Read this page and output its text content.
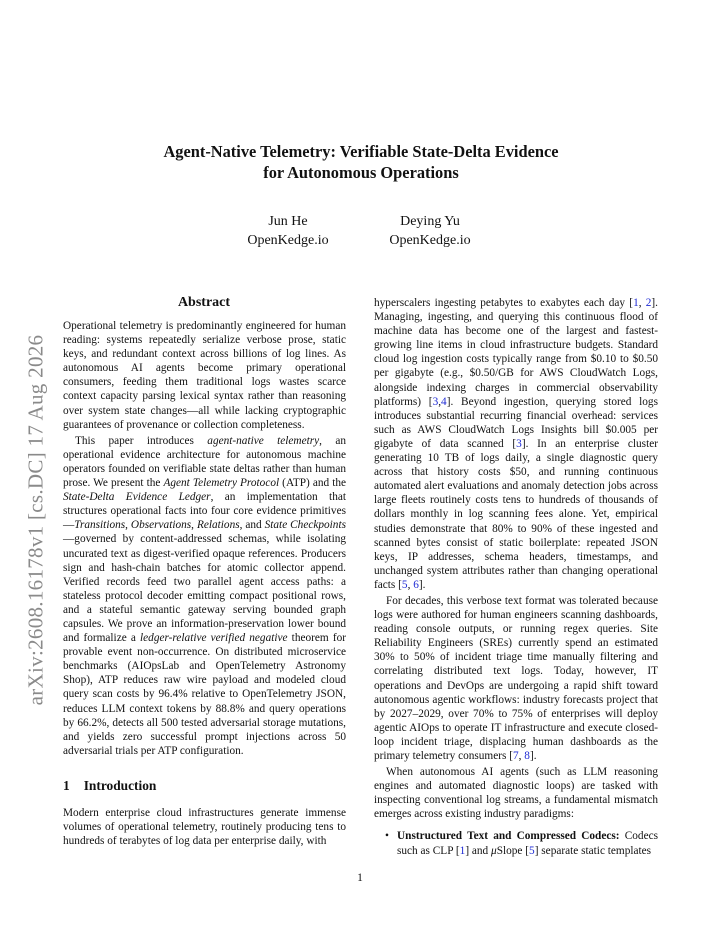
arXiv:2608.16178v1 [cs.DC] 17 Aug 2026
Agent-Native Telemetry: Verifiable State-Delta Evidence
for Autonomous Operations
Jun He
OpenKedge.io
Deying Yu
OpenKedge.io
Abstract

Operational telemetry is predominantly engineered for human reading: systems repeatedly serialize verbose prose, static keys, and redundant context across billions of log lines. As autonomous AI agents become primary operational consumers, feeding them traditional logs wastes scarce context capacity parsing lexical syntax rather than reasoning over system state changes—all while lacking cryptographic guarantees of provenance or collection completeness.

This paper introduces agent-native telemetry, an operational evidence architecture for autonomous machine operators founded on verifiable state deltas rather than human prose. We present the Agent Telemetry Protocol (ATP) and the State-Delta Evidence Ledger, an implementation that structures operational facts into four core evidence primitives—Transitions, Observations, Relations, and State Checkpoints—governed by content-addressed schemas, while isolating uncurated text as digest-verified opaque references. Producers sign and hash-chain batches for atomic collector append. Verified records feed two parallel agent access paths: a stateless protocol decoder emitting compact positional rows, and a stateful semantic gateway serving bounded graph capsules. We prove an information-preservation lower bound and formalize a ledger-relative verified negative theorem for provable event non-occurrence. On distributed microservice benchmarks (AIOpsLab and OpenTelemetry Astronomy Shop), ATP reduces raw wire payload and modeled cloud query scan costs by 96.4% relative to OpenTelemetry JSON, reduces LLM context tokens by 88.8% and query operations by 66.2%, detects all 500 tested adversarial storage mutations, and yields zero successful prompt injections across 50 adversarial trials per ATP configuration.

1 Introduction

Modern enterprise cloud infrastructures generate immense volumes of operational telemetry, routinely producing tens to hundreds of terabytes of log data per enterprise daily, with

hyperscalers ingesting petabytes to exabytes each day [1, 2]. Managing, ingesting, and querying this continuous flood of machine data has become one of the largest and fastest-growing line items in cloud infrastructure budgets. Standard cloud log ingestion costs typically range from $0.10 to $0.50 per gigabyte (e.g., $0.50/GB for AWS CloudWatch Logs, alongside indexing charges in commercial observability platforms) [3,4]. Beyond ingestion, querying stored logs introduces substantial recurring financial overhead: services such as AWS CloudWatch Logs Insights bill $0.005 per gigabyte of data scanned [3]. In an enterprise cluster generating 10 TB of logs daily, a single diagnostic query across that history costs $50, and running continuous automated alert evaluations and anomaly detection jobs across large fleets routinely costs tens to hundreds of thousands of dollars monthly in log scanning fees alone. Yet, empirical studies demonstrate that 80% to 90% of these ingested and scanned bytes consist of static boilerplate: repeated JSON keys, IP addresses, schema headers, timestamps, and unchanged system attributes rather than changing operational facts [5, 6].

For decades, this verbose text format was tolerated because logs were authored for human engineers scanning dashboards, reading console outputs, or running regex queries. Site Reliability Engineers (SREs) currently spend an estimated 30% to 50% of incident triage time manually filtering and correlating distributed text logs. Today, however, IT operations and DevOps are undergoing a rapid shift toward autonomous agentic workflows: industry forecasts project that by 2027–2029, over 70% to 75% of enterprises will deploy agentic AIOps to operate IT infrastructure and execute closed-loop incident triage, displacing human dashboards as the primary telemetry consumers [7, 8].

When autonomous AI agents (such as LLM reasoning engines and automated diagnostic loops) are tasked with inspecting conventional log streams, a fundamental mismatch emerges across existing industry paradigms:

• Unstructured Text and Compressed Codecs: Codecs such as CLP [1] and μSlope [5] separate static templates
1
